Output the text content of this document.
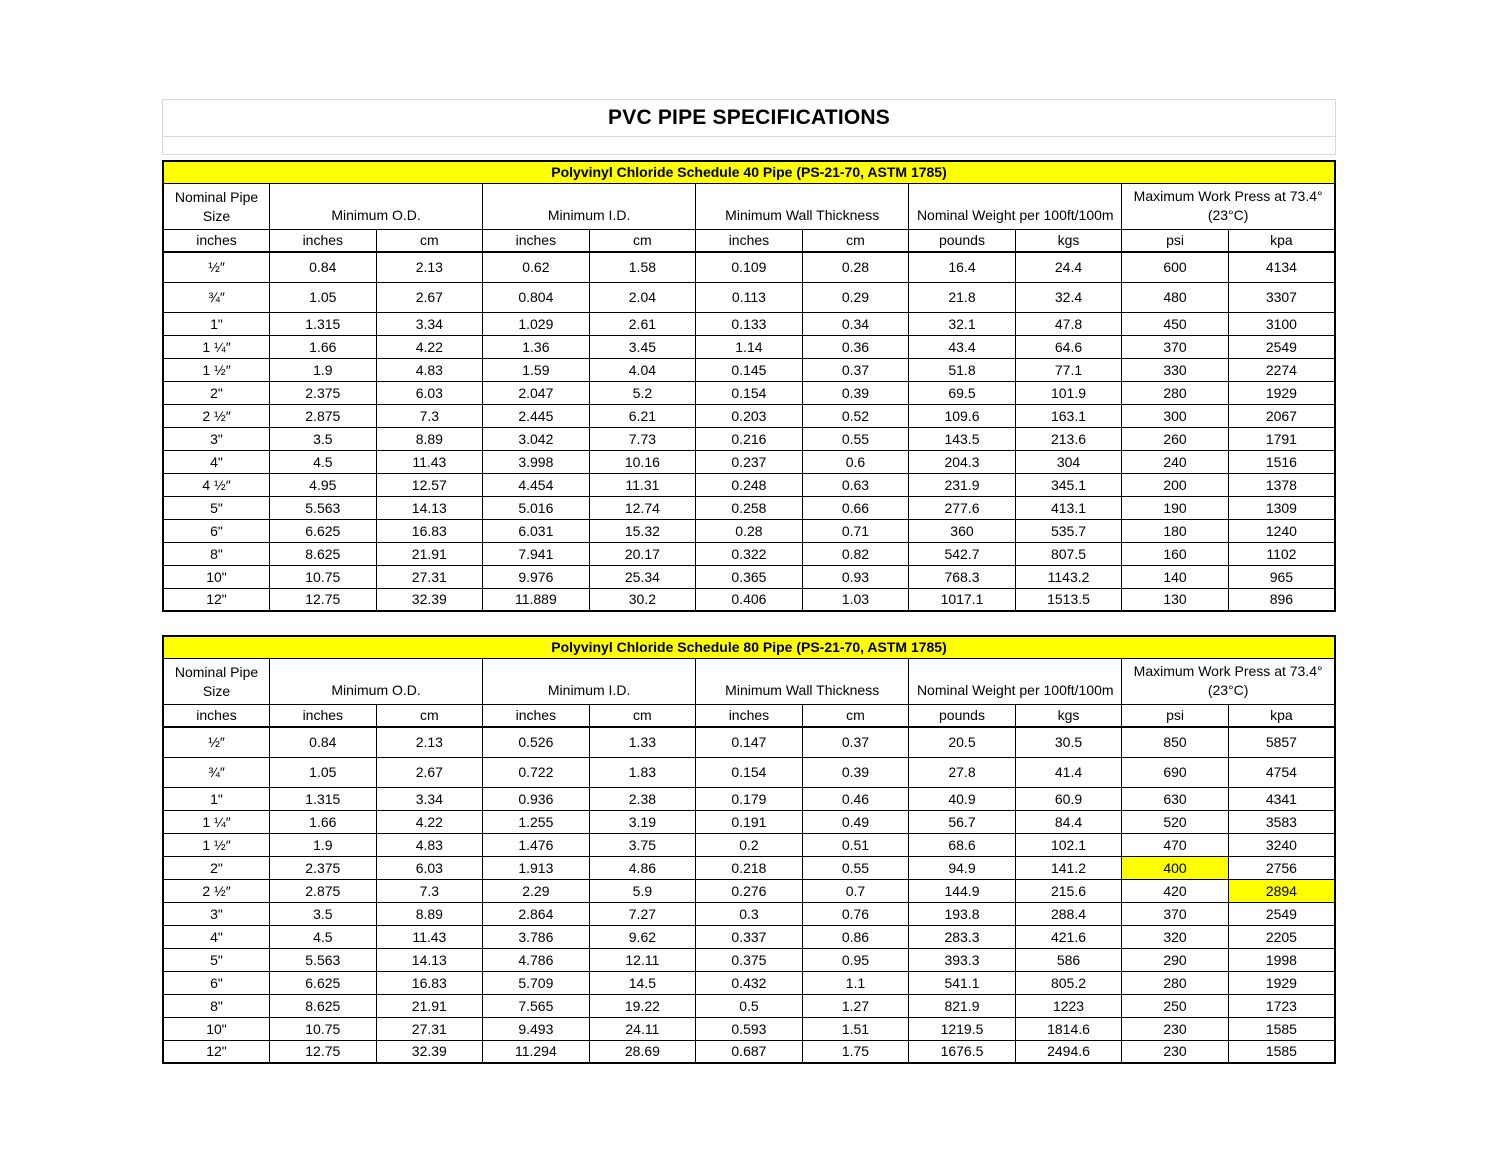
PVC PIPE SPECIFICATIONS
Polyvinyl Chloride Schedule 40 Pipe (PS-21-70, ASTM 1785)										
Nominal Pipe Size	Minimum O.D.		Minimum I.D.		Minimum Wall Thickness		Nominal Weight per 100ft/100m		Maximum Work Press at 73.4°
(23°C)	
inches	inches	cm	inches	cm	inches	cm	pounds	kgs	psi	kpa
½″	0.84	2.13	0.62	1.58	0.109	0.28	16.4	24.4	600	4134
¾″	1.05	2.67	0.804	2.04	0.113	0.29	21.8	32.4	480	3307
1"	1.315	3.34	1.029	2.61	0.133	0.34	32.1	47.8	450	3100
1 ¼″	1.66	4.22	1.36	3.45	1.14	0.36	43.4	64.6	370	2549
1 ½″	1.9	4.83	1.59	4.04	0.145	0.37	51.8	77.1	330	2274
2"	2.375	6.03	2.047	5.2	0.154	0.39	69.5	101.9	280	1929
2 ½″	2.875	7.3	2.445	6.21	0.203	0.52	109.6	163.1	300	2067
3"	3.5	8.89	3.042	7.73	0.216	0.55	143.5	213.6	260	1791
4"	4.5	11.43	3.998	10.16	0.237	0.6	204.3	304	240	1516
4 ½″	4.95	12.57	4.454	11.31	0.248	0.63	231.9	345.1	200	1378
5"	5.563	14.13	5.016	12.74	0.258	0.66	277.6	413.1	190	1309
6"	6.625	16.83	6.031	15.32	0.28	0.71	360	535.7	180	1240
8"	8.625	21.91	7.941	20.17	0.322	0.82	542.7	807.5	160	1102
10"	10.75	27.31	9.976	25.34	0.365	0.93	768.3	1143.2	140	965
12"	12.75	32.39	11.889	30.2	0.406	1.03	1017.1	1513.5	130	896
Polyvinyl Chloride Schedule 80 Pipe (PS-21-70, ASTM 1785)										
Nominal Pipe Size	Minimum O.D.		Minimum I.D.		Minimum Wall Thickness		Nominal Weight per 100ft/100m		Maximum Work Press at 73.4°
(23°C)	
inches	inches	cm	inches	cm	inches	cm	pounds	kgs	psi	kpa
½″	0.84	2.13	0.526	1.33	0.147	0.37	20.5	30.5	850	5857
¾″	1.05	2.67	0.722	1.83	0.154	0.39	27.8	41.4	690	4754
1"	1.315	3.34	0.936	2.38	0.179	0.46	40.9	60.9	630	4341
1 ¼″	1.66	4.22	1.255	3.19	0.191	0.49	56.7	84.4	520	3583
1 ½″	1.9	4.83	1.476	3.75	0.2	0.51	68.6	102.1	470	3240
2"	2.375	6.03	1.913	4.86	0.218	0.55	94.9	141.2	400	2756
2 ½″	2.875	7.3	2.29	5.9	0.276	0.7	144.9	215.6	420	2894
3"	3.5	8.89	2.864	7.27	0.3	0.76	193.8	288.4	370	2549
4"	4.5	11.43	3.786	9.62	0.337	0.86	283.3	421.6	320	2205
5"	5.563	14.13	4.786	12.11	0.375	0.95	393.3	586	290	1998
6"	6.625	16.83	5.709	14.5	0.432	1.1	541.1	805.2	280	1929
8"	8.625	21.91	7.565	19.22	0.5	1.27	821.9	1223	250	1723
10"	10.75	27.31	9.493	24.11	0.593	1.51	1219.5	1814.6	230	1585
12"	12.75	32.39	11.294	28.69	0.687	1.75	1676.5	2494.6	230	1585
